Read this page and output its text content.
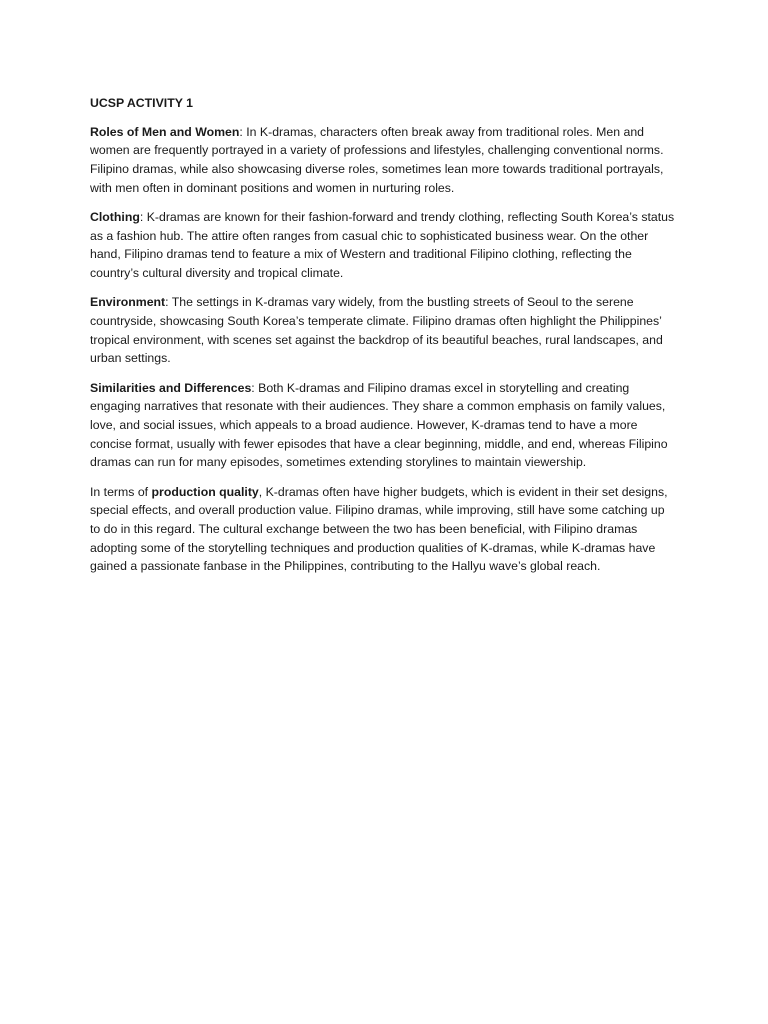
UCSP ACTIVITY 1

Roles of Men and Women: In K-dramas, characters often break away from traditional roles. Men and women are frequently portrayed in a variety of professions and lifestyles, challenging conventional norms. Filipino dramas, while also showcasing diverse roles, sometimes lean more towards traditional portrayals, with men often in dominant positions and women in nurturing roles.

Clothing: K-dramas are known for their fashion-forward and trendy clothing, reflecting South Korea’s status as a fashion hub. The attire often ranges from casual chic to sophisticated business wear. On the other hand, Filipino dramas tend to feature a mix of Western and traditional Filipino clothing, reflecting the country’s cultural diversity and tropical climate.

Environment: The settings in K-dramas vary widely, from the bustling streets of Seoul to the serene countryside, showcasing South Korea’s temperate climate. Filipino dramas often highlight the Philippines’ tropical environment, with scenes set against the backdrop of its beautiful beaches, rural landscapes, and urban settings.

Similarities and Differences: Both K-dramas and Filipino dramas excel in storytelling and creating engaging narratives that resonate with their audiences. They share a common emphasis on family values, love, and social issues, which appeals to a broad audience. However, K-dramas tend to have a more concise format, usually with fewer episodes that have a clear beginning, middle, and end, whereas Filipino dramas can run for many episodes, sometimes extending storylines to maintain viewership.

In terms of production quality, K-dramas often have higher budgets, which is evident in their set designs, special effects, and overall production value. Filipino dramas, while improving, still have some catching up to do in this regard. The cultural exchange between the two has been beneficial, with Filipino dramas adopting some of the storytelling techniques and production qualities of K-dramas, while K-dramas have gained a passionate fanbase in the Philippines, contributing to the Hallyu wave’s global reach.
